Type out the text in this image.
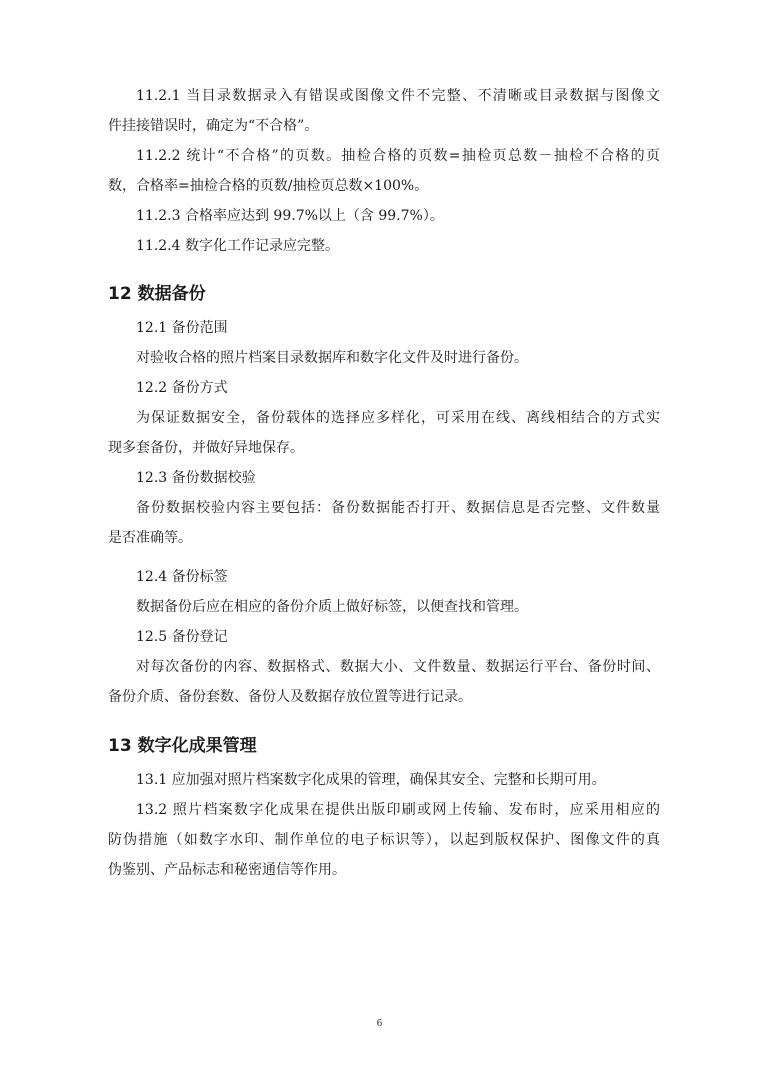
11.2.1 当目录数据录入有错误或图像文件不完整、不清晰或目录数据与图像文
件挂接错误时，确定为“不合格”。
11.2.2 统计“不合格”的页数。抽检合格的页数=抽检页总数－抽检不合格的页
数，合格率=抽检合格的页数/抽检页总数×100%。
11.2.3 合格率应达到 99.7%以上（含 99.7%）。
11.2.4 数字化工作记录应完整。
12 数据备份
12.1 备份范围
对验收合格的照片档案目录数据库和数字化文件及时进行备份。
12.2 备份方式
为保证数据安全，备份载体的选择应多样化，可采用在线、离线相结合的方式实
现多套备份，并做好异地保存。
12.3 备份数据校验
备份数据校验内容主要包括：备份数据能否打开、数据信息是否完整、文件数量
是否准确等。
12.4 备份标签
数据备份后应在相应的备份介质上做好标签，以便查找和管理。
12.5 备份登记
对每次备份的内容、数据格式、数据大小、文件数量、数据运行平台、备份时间、
备份介质、备份套数、备份人及数据存放位置等进行记录。
13 数字化成果管理
13.1 应加强对照片档案数字化成果的管理，确保其安全、完整和长期可用。
13.2 照片档案数字化成果在提供出版印刷或网上传输、发布时，应采用相应的
防伪措施（如数字水印、制作单位的电子标识等），以起到版权保护、图像文件的真
伪鉴别、产品标志和秘密通信等作用。
6
